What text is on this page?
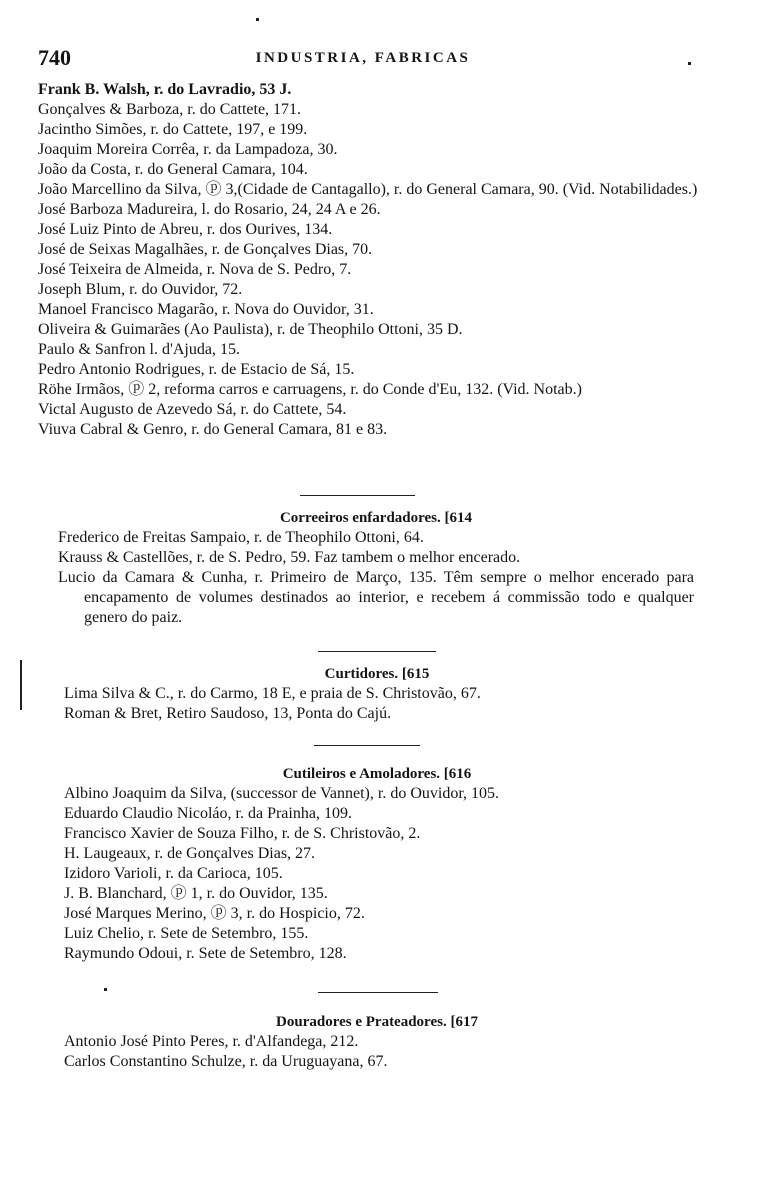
740	INDUSTRIA, FABRICAS

Frank B. Walsh, r. do Lavradio, 53 J.

Gonçalves & Barboza, r. do Cattete, 171.

Jacintho Simões, r. do Cattete, 197, e 199.

Joaquim Moreira Corrêa, r. da Lampadoza, 30.

João da Costa, r. do General Camara, 104.

João Marcellino da Silva, ⓟ 3,(Cidade de Cantagallo), r. do General Camara, 90. (Vid. Notabilidades.)

José Barboza Madureira, l. do Rosario, 24, 24 A e 26.

José Luiz Pinto de Abreu, r. dos Ourives, 134.

José de Seixas Magalhães, r. de Gonçalves Dias, 70.

José Teixeira de Almeida, r. Nova de S. Pedro, 7.

Joseph Blum, r. do Ouvidor, 72.

Manoel Francisco Magarão, r. Nova do Ouvidor, 31.

Oliveira & Guimarães (Ao Paulista), r. de Theophilo Ottoni, 35 D.

Paulo & Sanfron l. d'Ajuda, 15.

Pedro Antonio Rodrigues, r. de Estacio de Sá, 15.

Röhe Irmãos, ⓟ 2, reforma carros e carruagens, r. do Conde d'Eu, 132. (Vid. Notab.)

Victal Augusto de Azevedo Sá, r. do Cattete, 54.

Viuva Cabral & Genro, r. do General Camara, 81 e 83.

Correeiros enfardadores. [614

Frederico de Freitas Sampaio, r. de Theophilo Ottoni, 64.

Krauss & Castellões, r. de S. Pedro, 59. Faz tambem o melhor encerado.

Lucio da Camara & Cunha, r. Primeiro de Março, 135. Têm sempre o melhor encerado para encapamento de volumes destinados ao interior, e recebem á commissão todo e qualquer genero do paiz.

Curtidores. [615

Lima Silva & C., r. do Carmo, 18 E, e praia de S. Christovão, 67.

Roman & Bret, Retiro Saudoso, 13, Ponta do Cajú.

Cutileiros e Amoladores. [616

Albino Joaquim da Silva, (successor de Vannet), r. do Ouvidor, 105.

Eduardo Claudio Nicoláo, r. da Prainha, 109.

Francisco Xavier de Souza Filho, r. de S. Christovão, 2.

H. Laugeaux, r. de Gonçalves Dias, 27.

Izidoro Varioli, r. da Carioca, 105.

J. B. Blanchard, ⓟ 1, r. do Ouvidor, 135.

José Marques Merino, ⓟ 3, r. do Hospicio, 72.

Luiz Chelio, r. Sete de Setembro, 155.

Raymundo Odoui, r. Sete de Setembro, 128.

Douradores e Prateadores. [617

Antonio José Pinto Peres, r. d'Alfandega, 212.

Carlos Constantino Schulze, r. da Uruguayana, 67.
